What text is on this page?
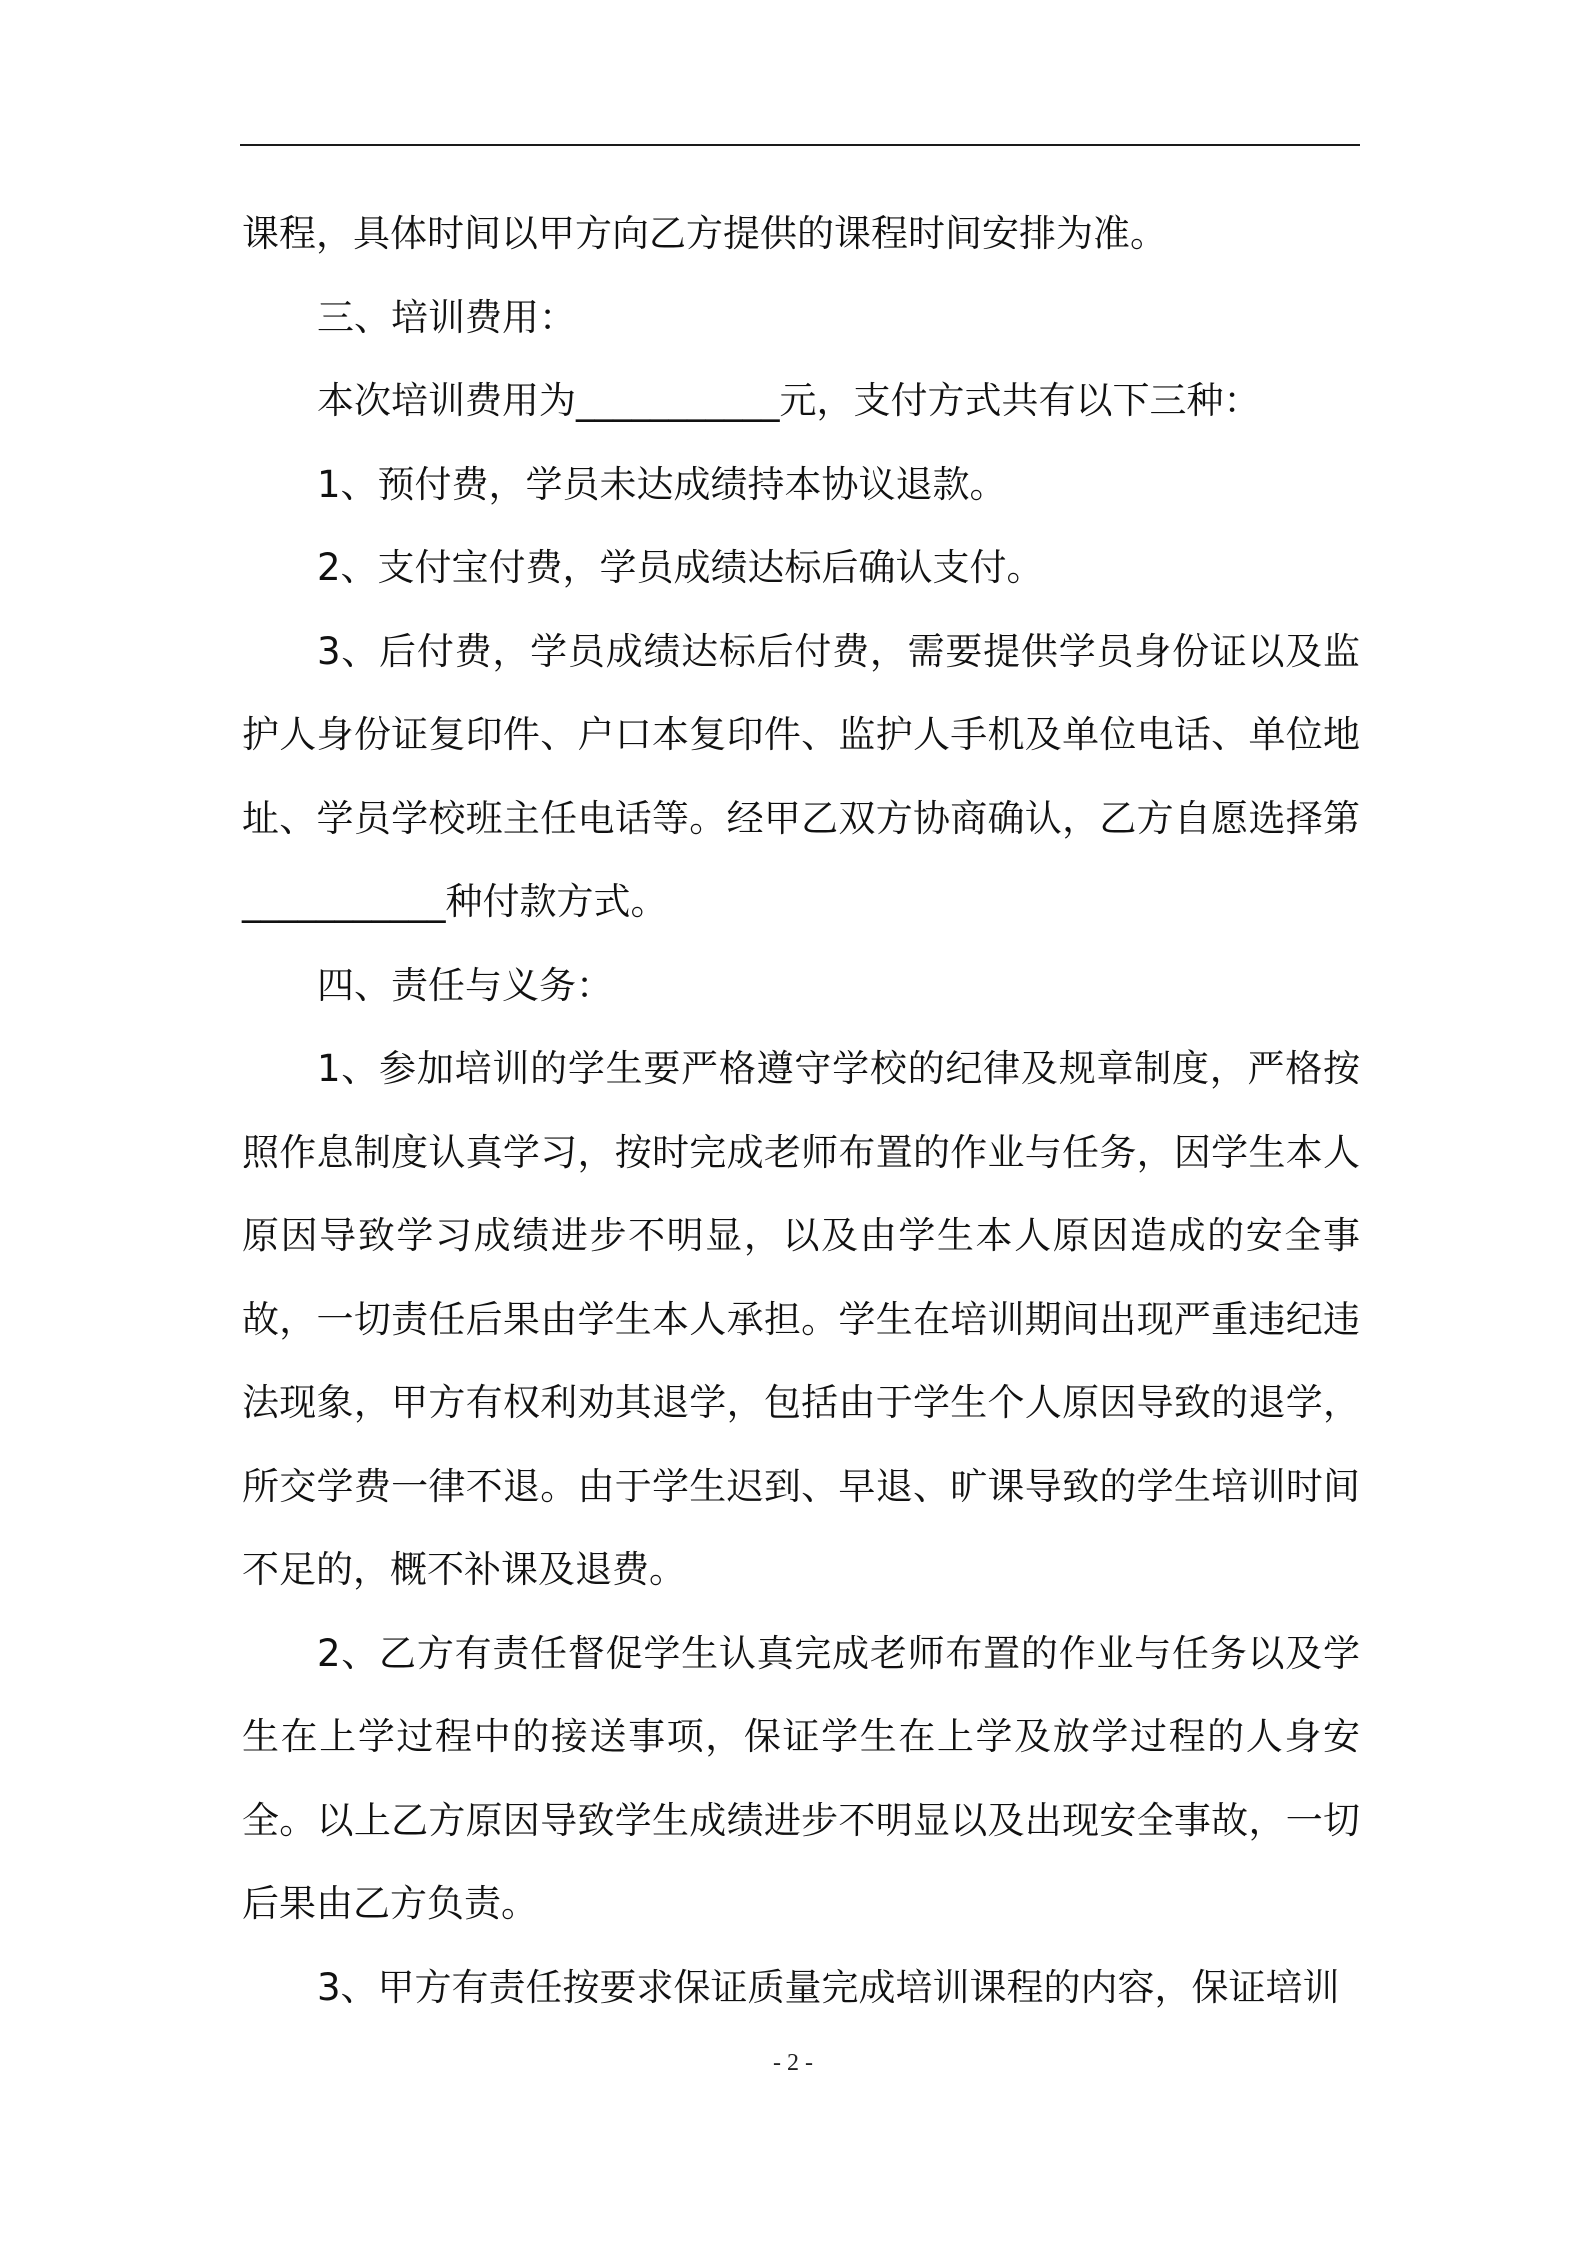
课程，具体时间以甲方向乙方提供的课程时间安排为准。

三、培训费用：

本次培训费用为___________元，支付方式共有以下三种：

1、预付费，学员未达成绩持本协议退款。

2、支付宝付费，学员成绩达标后确认支付。

3、后付费，学员成绩达标后付费，需要提供学员身份证以及监护人身份证复印件、户口本复印件、监护人手机及单位电话、单位地址、学员学校班主任电话等。经甲乙双方协商确认，乙方自愿选择第___________种付款方式。

四、责任与义务：

1、参加培训的学生要严格遵守学校的纪律及规章制度，严格按照作息制度认真学习，按时完成老师布置的作业与任务，因学生本人原因导致学习成绩进步不明显，以及由学生本人原因造成的安全事故，一切责任后果由学生本人承担。学生在培训期间出现严重违纪违法现象，甲方有权利劝其退学，包括由于学生个人原因导致的退学，所交学费一律不退。由于学生迟到、早退、旷课导致的学生培训时间不足的，概不补课及退费。

2、乙方有责任督促学生认真完成老师布置的作业与任务以及学生在上学过程中的接送事项，保证学生在上学及放学过程的人身安全。以上乙方原因导致学生成绩进步不明显以及出现安全事故，一切后果由乙方负责。

3、甲方有责任按要求保证质量完成培训课程的内容，保证培训

- 2 -
